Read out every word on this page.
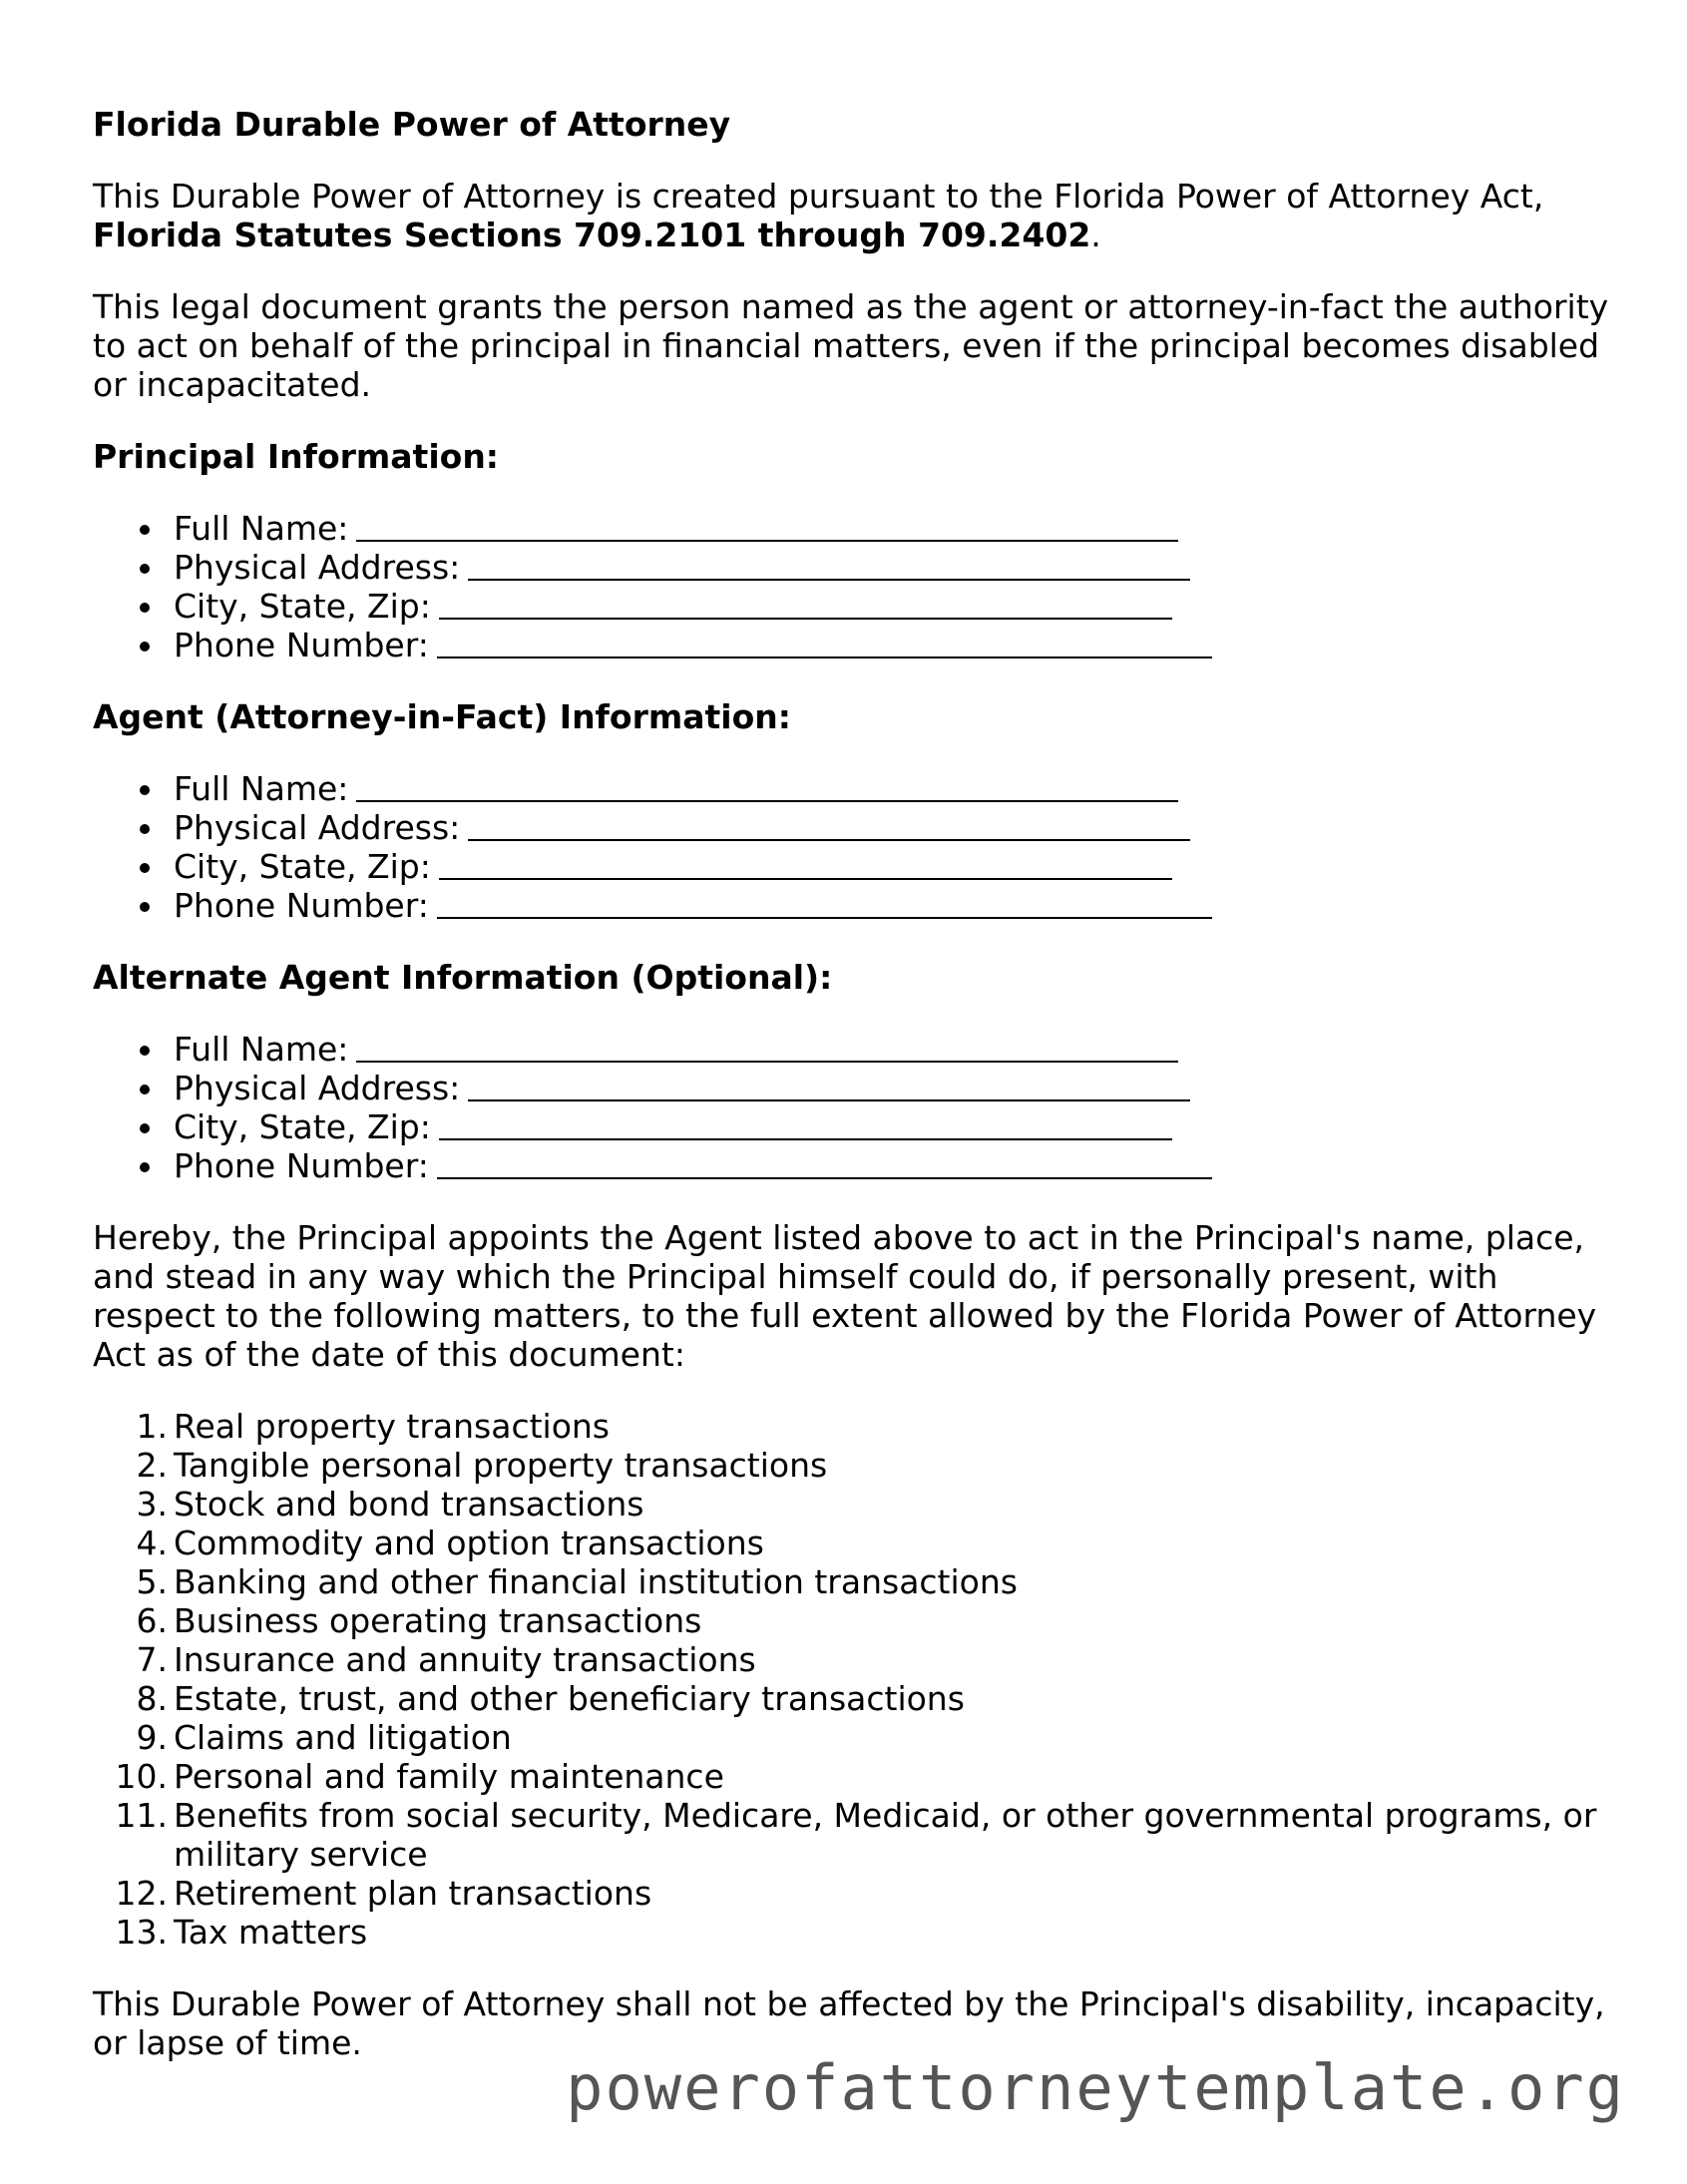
Florida Durable Power of Attorney

This Durable Power of Attorney is created pursuant to the Florida Power of Attorney Act, Florida Statutes Sections 709.2101 through 709.2402.

This legal document grants the person named as the agent or attorney-in-fact the authority to act on behalf of the principal in financial matters, even if the principal becomes disabled or incapacitated.

Principal Information:

Full Name:
Physical Address:
City, State, Zip:
Phone Number:

Agent (Attorney-in-Fact) Information:

Full Name:
Physical Address:
City, State, Zip:
Phone Number:

Alternate Agent Information (Optional):

Full Name:
Physical Address:
City, State, Zip:
Phone Number:

Hereby, the Principal appoints the Agent listed above to act in the Principal's name, place, and stead in any way which the Principal himself could do, if personally present, with respect to the following matters, to the full extent allowed by the Florida Power of Attorney Act as of the date of this document:

1. Real property transactions
2. Tangible personal property transactions
3. Stock and bond transactions
4. Commodity and option transactions
5. Banking and other financial institution transactions
6. Business operating transactions
7. Insurance and annuity transactions
8. Estate, trust, and other beneficiary transactions
9. Claims and litigation
10. Personal and family maintenance
11. Benefits from social security, Medicare, Medicaid, or other governmental programs, or military service
12. Retirement plan transactions
13. Tax matters

This Durable Power of Attorney shall not be affected by the Principal's disability, incapacity, or lapse of time.

powerofattorneytemplate.org
